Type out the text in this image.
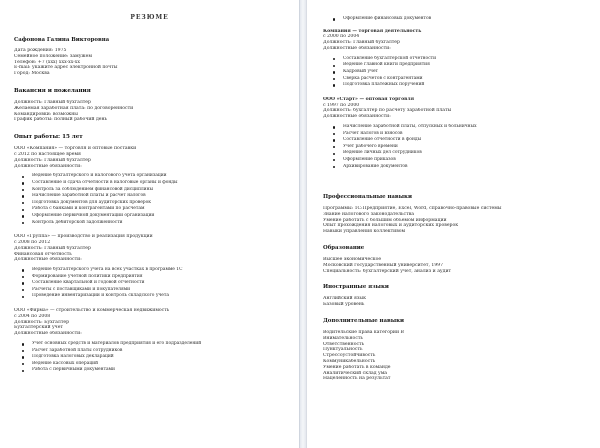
РЕЗЮМЕ
Сафонова Галина Викторовна
Дата рождения: 1975
Семейное положение: замужем
Телефон: +7 (xxx) xxx-xx-xx
E-mail: укажите адрес электронной почты
Город: Москва
Вакансия и пожелания
Должность: Главный бухгалтер
Желаемая заработная плата: по договоренности
Командировки: возможны
График работы: полный рабочий день
Опыт работы: 15 лет
ООО «Компания» — торговля и оптовые поставки
с 2012 по настоящее время
Должность: Главный бухгалтер
Должностные обязанности:
Ведение бухгалтерского и налогового учета организации
Составление и сдача отчетности в налоговые органы и фонды
Контроль за соблюдением финансовой дисциплины
Начисление заработной платы и расчет налогов
Подготовка документов для аудиторских проверок
Работа с банками и контрагентами по расчетам
Оформление первичной документации организации
Контроль дебиторской задолженности
ООО «Группа» — производство и реализация продукции
с 2008 по 2012
Должность: Главный бухгалтер
Финансовая отчетность
Должностные обязанности:
Ведение бухгалтерского учета на всех участках в программе 1С
Формирование учетной политики предприятия
Составление квартальной и годовой отчетности
Расчеты с поставщиками и покупателями
Проведение инвентаризации и контроль складского учета
ООО «Фирма» — строительство и коммерческая недвижимость
с 2004 по 2008
Должность: Бухгалтер
Бухгалтерский учет
Должностные обязанности:
Учет основных средств и материалов предприятия и его подразделений
Расчет заработной платы сотрудников
Подготовка налоговых деклараций
Ведение кассовых операций
Работа с первичными документами
Оформление финансовых документов
Компания — торговая деятельность
с 2000 по 2004
Должность: Главный бухгалтер
Должностные обязанности:
Составление бухгалтерской отчетности
Ведение главной книги предприятия
Кадровый учет
Сверка расчетов с контрагентами
Подготовка платежных поручений
ООО «Старт» — оптовая торговля
с 1997 по 2000
Должность: бухгалтер по расчету заработной платы
Должностные обязанности:
Начисление заработной платы, отпускных и больничных
Расчет налогов и взносов
Составление отчетности в фонды
Учет рабочего времени
Ведение личных дел сотрудников
Оформление приказов
Архивирование документов
Профессиональные навыки
Программы: 1С:Предприятие, Excel, Word, справочно-правовые системы
Знание налогового законодательства
Умение работать с большим объемом информации
Опыт прохождения налоговых и аудиторских проверок
Навыки управления коллективом
Образование
Высшее экономическое
Московский государственный университет, 1997
Специальность: бухгалтерский учет, анализ и аудит
Иностранные языки
Английский язык
Базовый уровень
Дополнительные навыки
Водительские права категории B
Внимательность
Ответственность
Пунктуальность
Стрессоустойчивость
Коммуникабельность
Умение работать в команде
Аналитический склад ума
Нацеленность на результат
